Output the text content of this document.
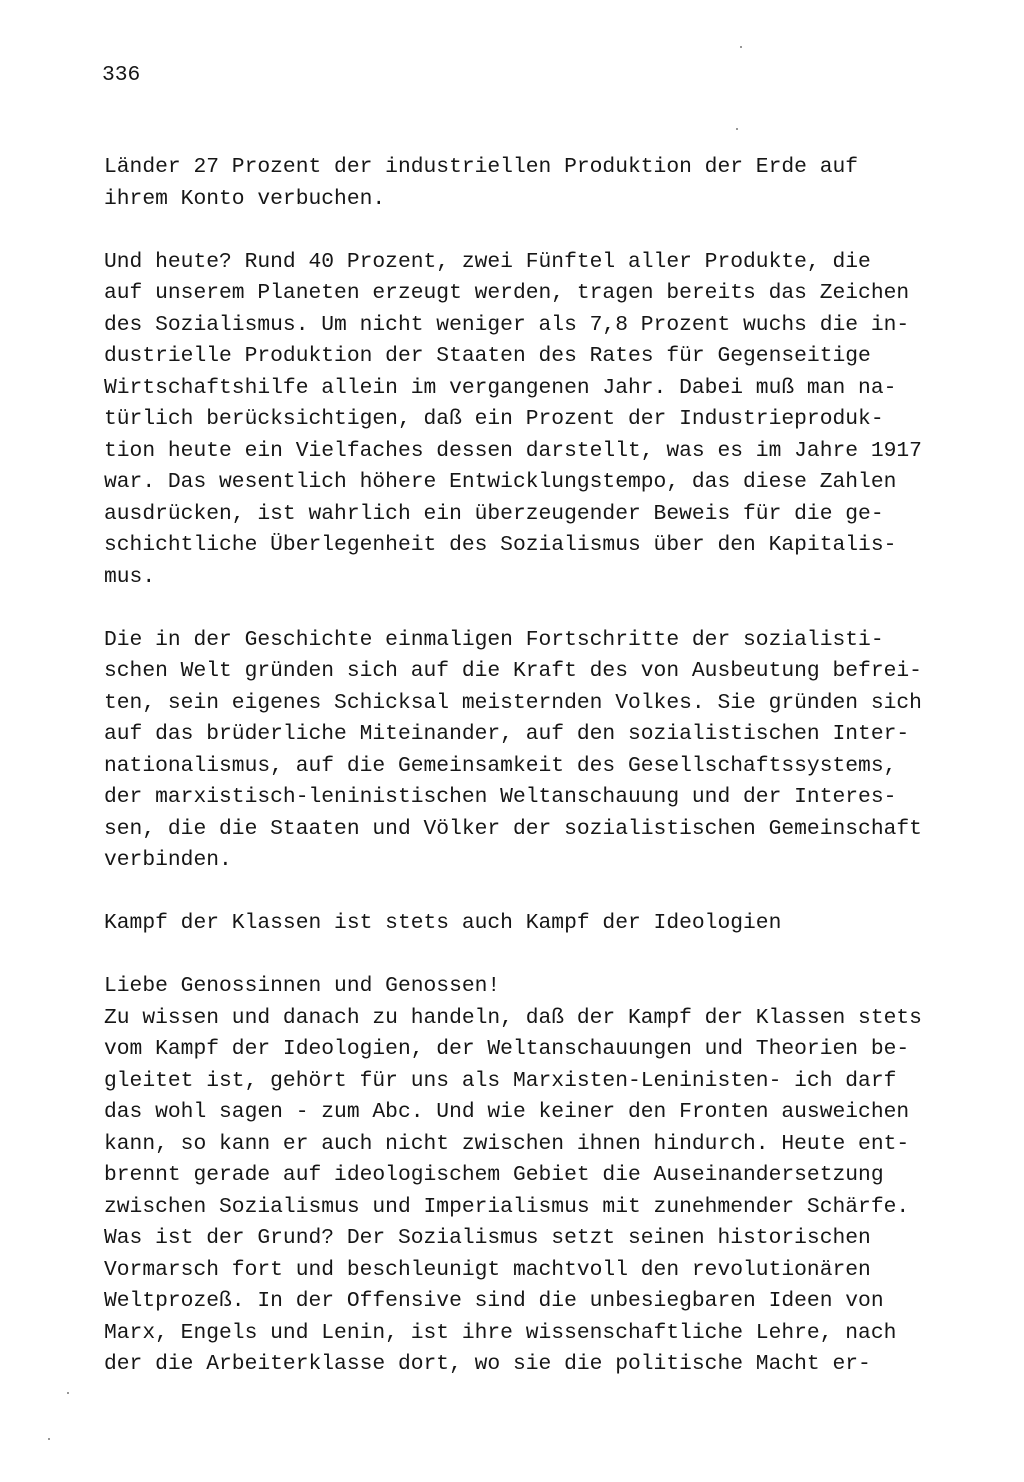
336

Länder 27 Prozent der industriellen Produktion der Erde auf
ihrem Konto verbuchen.
Und heute? Rund 40 Prozent, zwei Fünftel aller Produkte, die
auf unserem Planeten erzeugt werden, tragen bereits das Zeichen
des Sozialismus. Um nicht weniger als 7,8 Prozent wuchs die in-
dustrielle Produktion der Staaten des Rates für Gegenseitige
Wirtschaftshilfe allein im vergangenen Jahr. Dabei muß man na-
türlich berücksichtigen, daß ein Prozent der Industrieproduk-
tion heute ein Vielfaches dessen darstellt, was es im Jahre 1917
war. Das wesentlich höhere Entwicklungstempo, das diese Zahlen
ausdrücken, ist wahrlich ein überzeugender Beweis für die ge-
schichtliche Überlegenheit des Sozialismus über den Kapitalis-
mus.
Die in der Geschichte einmaligen Fortschritte der sozialisti-
schen Welt gründen sich auf die Kraft des von Ausbeutung befrei-
ten, sein eigenes Schicksal meisternden Volkes. Sie gründen sich
auf das brüderliche Miteinander, auf den sozialistischen Inter-
nationalismus, auf die Gemeinsamkeit des Gesellschaftssystems,
der marxistisch-leninistischen Weltanschauung und der Interes-
sen, die die Staaten und Völker der sozialistischen Gemeinschaft
verbinden.
Kampf der Klassen ist stets auch Kampf der Ideologien
Liebe Genossinnen und Genossen!
Zu wissen und danach zu handeln, daß der Kampf der Klassen stets
vom Kampf der Ideologien, der Weltanschauungen und Theorien be-
gleitet ist, gehört für uns als Marxisten-Leninisten- ich darf
das wohl sagen - zum Abc. Und wie keiner den Fronten ausweichen
kann, so kann er auch nicht zwischen ihnen hindurch. Heute ent-
brennt gerade auf ideologischem Gebiet die Auseinandersetzung
zwischen Sozialismus und Imperialismus mit zunehmender Schärfe.
Was ist der Grund? Der Sozialismus setzt seinen historischen
Vormarsch fort und beschleunigt machtvoll den revolutionären
Weltprozeß. In der Offensive sind die unbesiegbaren Ideen von
Marx, Engels und Lenin, ist ihre wissenschaftliche Lehre, nach
der die Arbeiterklasse dort, wo sie die politische Macht er-
